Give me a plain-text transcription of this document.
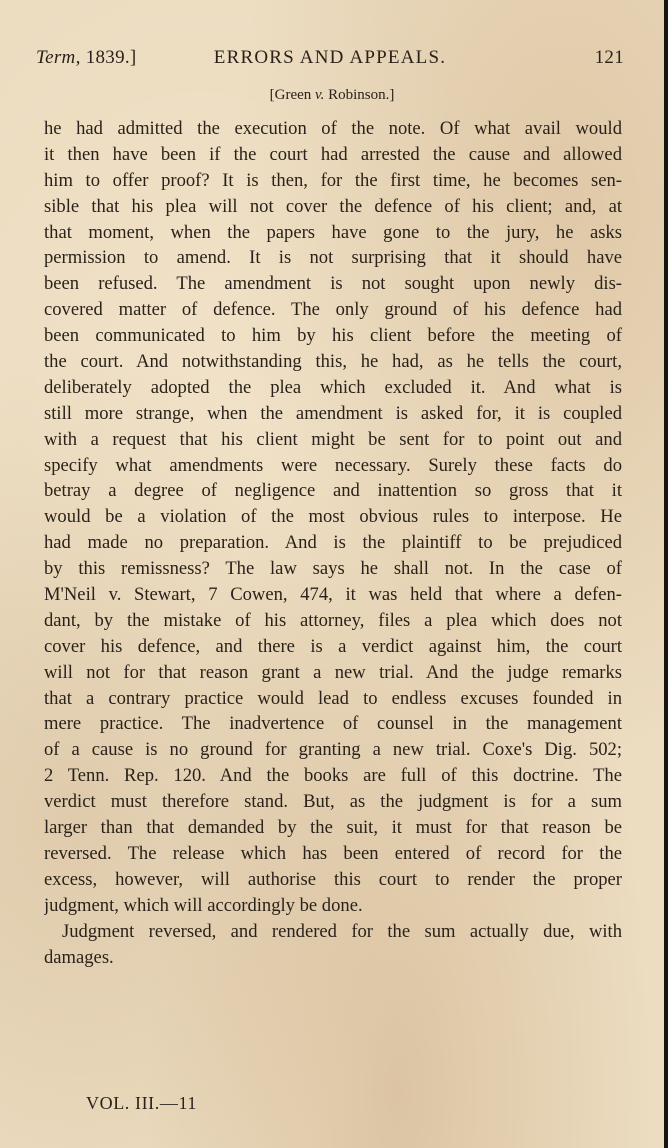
Term, 1839.]	ERRORS AND APPEALS.	121
[Green v. Robinson.]
he had admitted the execution of the note. Of what avail would
it then have been if the court had arrested the cause and allowed
him to offer proof? It is then, for the first time, he becomes sen-
sible that his plea will not cover the defence of his client; and, at
that moment, when the papers have gone to the jury, he asks
permission to amend. It is not surprising that it should have
been refused. The amendment is not sought upon newly dis-
covered matter of defence. The only ground of his defence had
been communicated to him by his client before the meeting of
the court. And notwithstanding this, he had, as he tells the court,
deliberately adopted the plea which excluded it. And what is
still more strange, when the amendment is asked for, it is coupled
with a request that his client might be sent for to point out and
specify what amendments were necessary. Surely these facts do
betray a degree of negligence and inattention so gross that it
would be a violation of the most obvious rules to interpose. He
had made no preparation. And is the plaintiff to be prejudiced
by this remissness? The law says he shall not. In the case of
M'Neil v. Stewart, 7 Cowen, 474, it was held that where a defen-
dant, by the mistake of his attorney, files a plea which does not
cover his defence, and there is a verdict against him, the court
will not for that reason grant a new trial. And the judge remarks
that a contrary practice would lead to endless excuses founded in
mere practice. The inadvertence of counsel in the management
of a cause is no ground for granting a new trial. Coxe's Dig. 502;
2 Tenn. Rep. 120. And the books are full of this doctrine. The
verdict must therefore stand. But, as the judgment is for a sum
larger than that demanded by the suit, it must for that reason be
reversed. The release which has been entered of record for the
excess, however, will authorise this court to render the proper
judgment, which will accordingly be done.
Judgment reversed, and rendered for the sum actually due, with
damages.
VOL. III.—11
